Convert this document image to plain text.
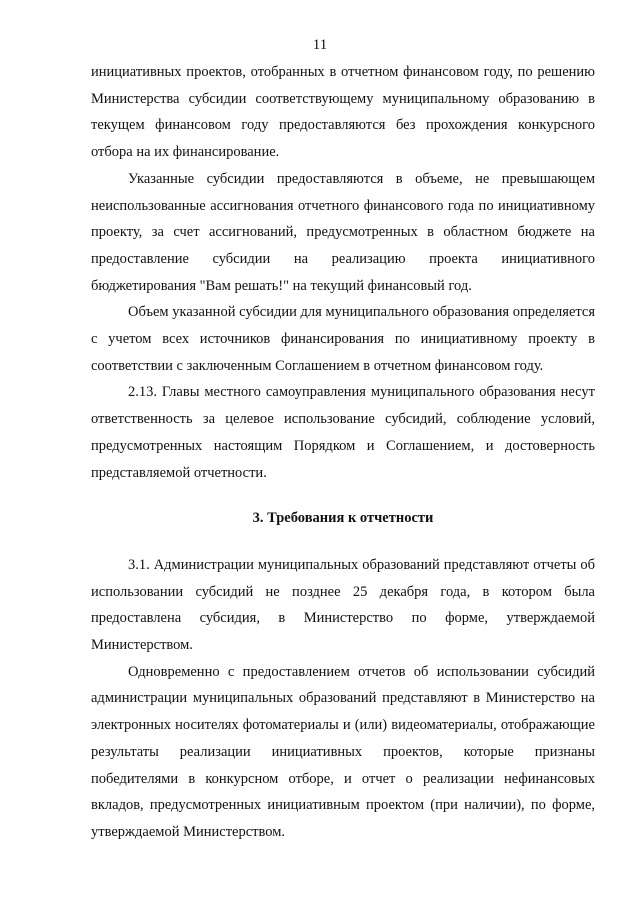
11

инициативных проектов, отобранных в отчетном финансовом году, по решению Министерства субсидии соответствующему муниципальному образованию в текущем финансовом году предоставляются без прохождения конкурсного отбора на их финансирование.

Указанные субсидии предоставляются в объеме, не превышающем неиспользованные ассигнования отчетного финансового года по инициативному проекту, за счет ассигнований, предусмотренных в областном бюджете на предоставление субсидии на реализацию проекта инициативного бюджетирования "Вам решать!" на текущий финансовый год.

Объем указанной субсидии для муниципального образования определяется с учетом всех источников финансирования по инициативному проекту в соответствии с заключенным Соглашением в отчетном финансовом году.

2.13. Главы местного самоуправления муниципального образования несут ответственность за целевое использование субсидий, соблюдение условий, предусмотренных настоящим Порядком и Соглашением, и достоверность представляемой отчетности.

3. Требования к отчетности

3.1. Администрации муниципальных образований представляют отчеты об использовании субсидий не позднее 25 декабря года, в котором была предоставлена субсидия, в Министерство по форме, утверждаемой Министерством.

Одновременно с предоставлением отчетов об использовании субсидий администрации муниципальных образований представляют в Министерство на электронных носителях фотоматериалы и (или) видеоматериалы, отображающие результаты реализации инициативных проектов, которые признаны победителями в конкурсном отборе, и отчет о реализации нефинансовых вкладов, предусмотренных инициативным проектом (при наличии), по форме, утверждаемой Министерством.
